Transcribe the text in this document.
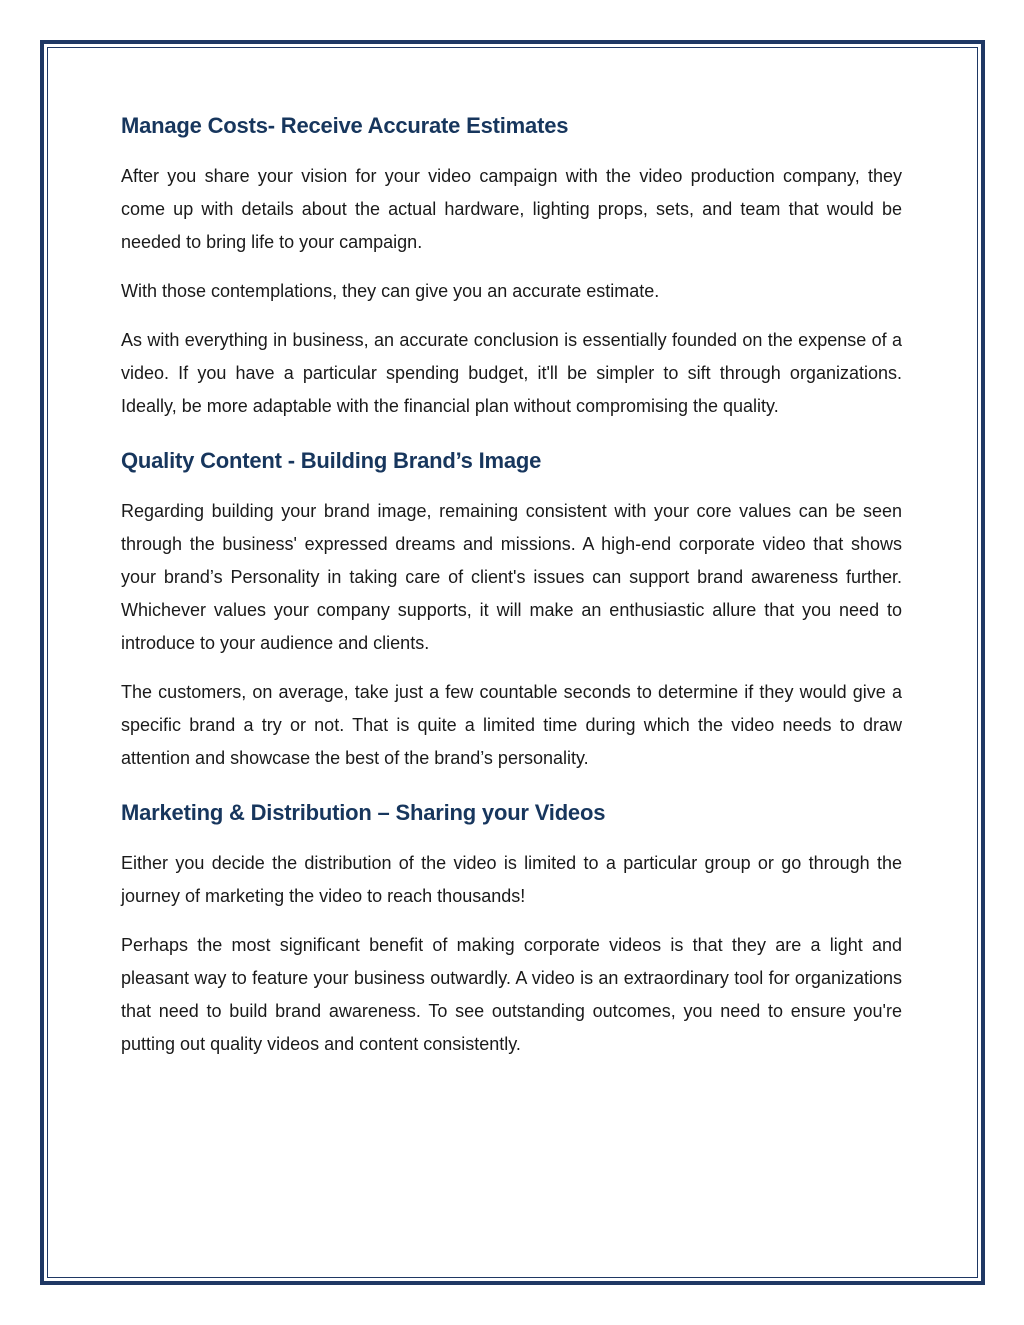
Manage Costs- Receive Accurate Estimates

After you share your vision for your video campaign with the video production company, they come up with details about the actual hardware, lighting props, sets, and team that would be needed to bring life to your campaign.

With those contemplations, they can give you an accurate estimate.

As with everything in business, an accurate conclusion is essentially founded on the expense of a video. If you have a particular spending budget, it'll be simpler to sift through organizations. Ideally, be more adaptable with the financial plan without compromising the quality.

Quality Content - Building Brand’s Image

Regarding building your brand image, remaining consistent with your core values can be seen through the business' expressed dreams and missions. A high-end corporate video that shows your brand’s Personality in taking care of client's issues can support brand awareness further. Whichever values your company supports, it will make an enthusiastic allure that you need to introduce to your audience and clients.

The customers, on average, take just a few countable seconds to determine if they would give a specific brand a try or not. That is quite a limited time during which the video needs to draw attention and showcase the best of the brand’s personality.

Marketing & Distribution – Sharing your Videos

Either you decide the distribution of the video is limited to a particular group or go through the journey of marketing the video to reach thousands!

Perhaps the most significant benefit of making corporate videos is that they are a light and pleasant way to feature your business outwardly. A video is an extraordinary tool for organizations that need to build brand awareness. To see outstanding outcomes, you need to ensure you're putting out quality videos and content consistently.
